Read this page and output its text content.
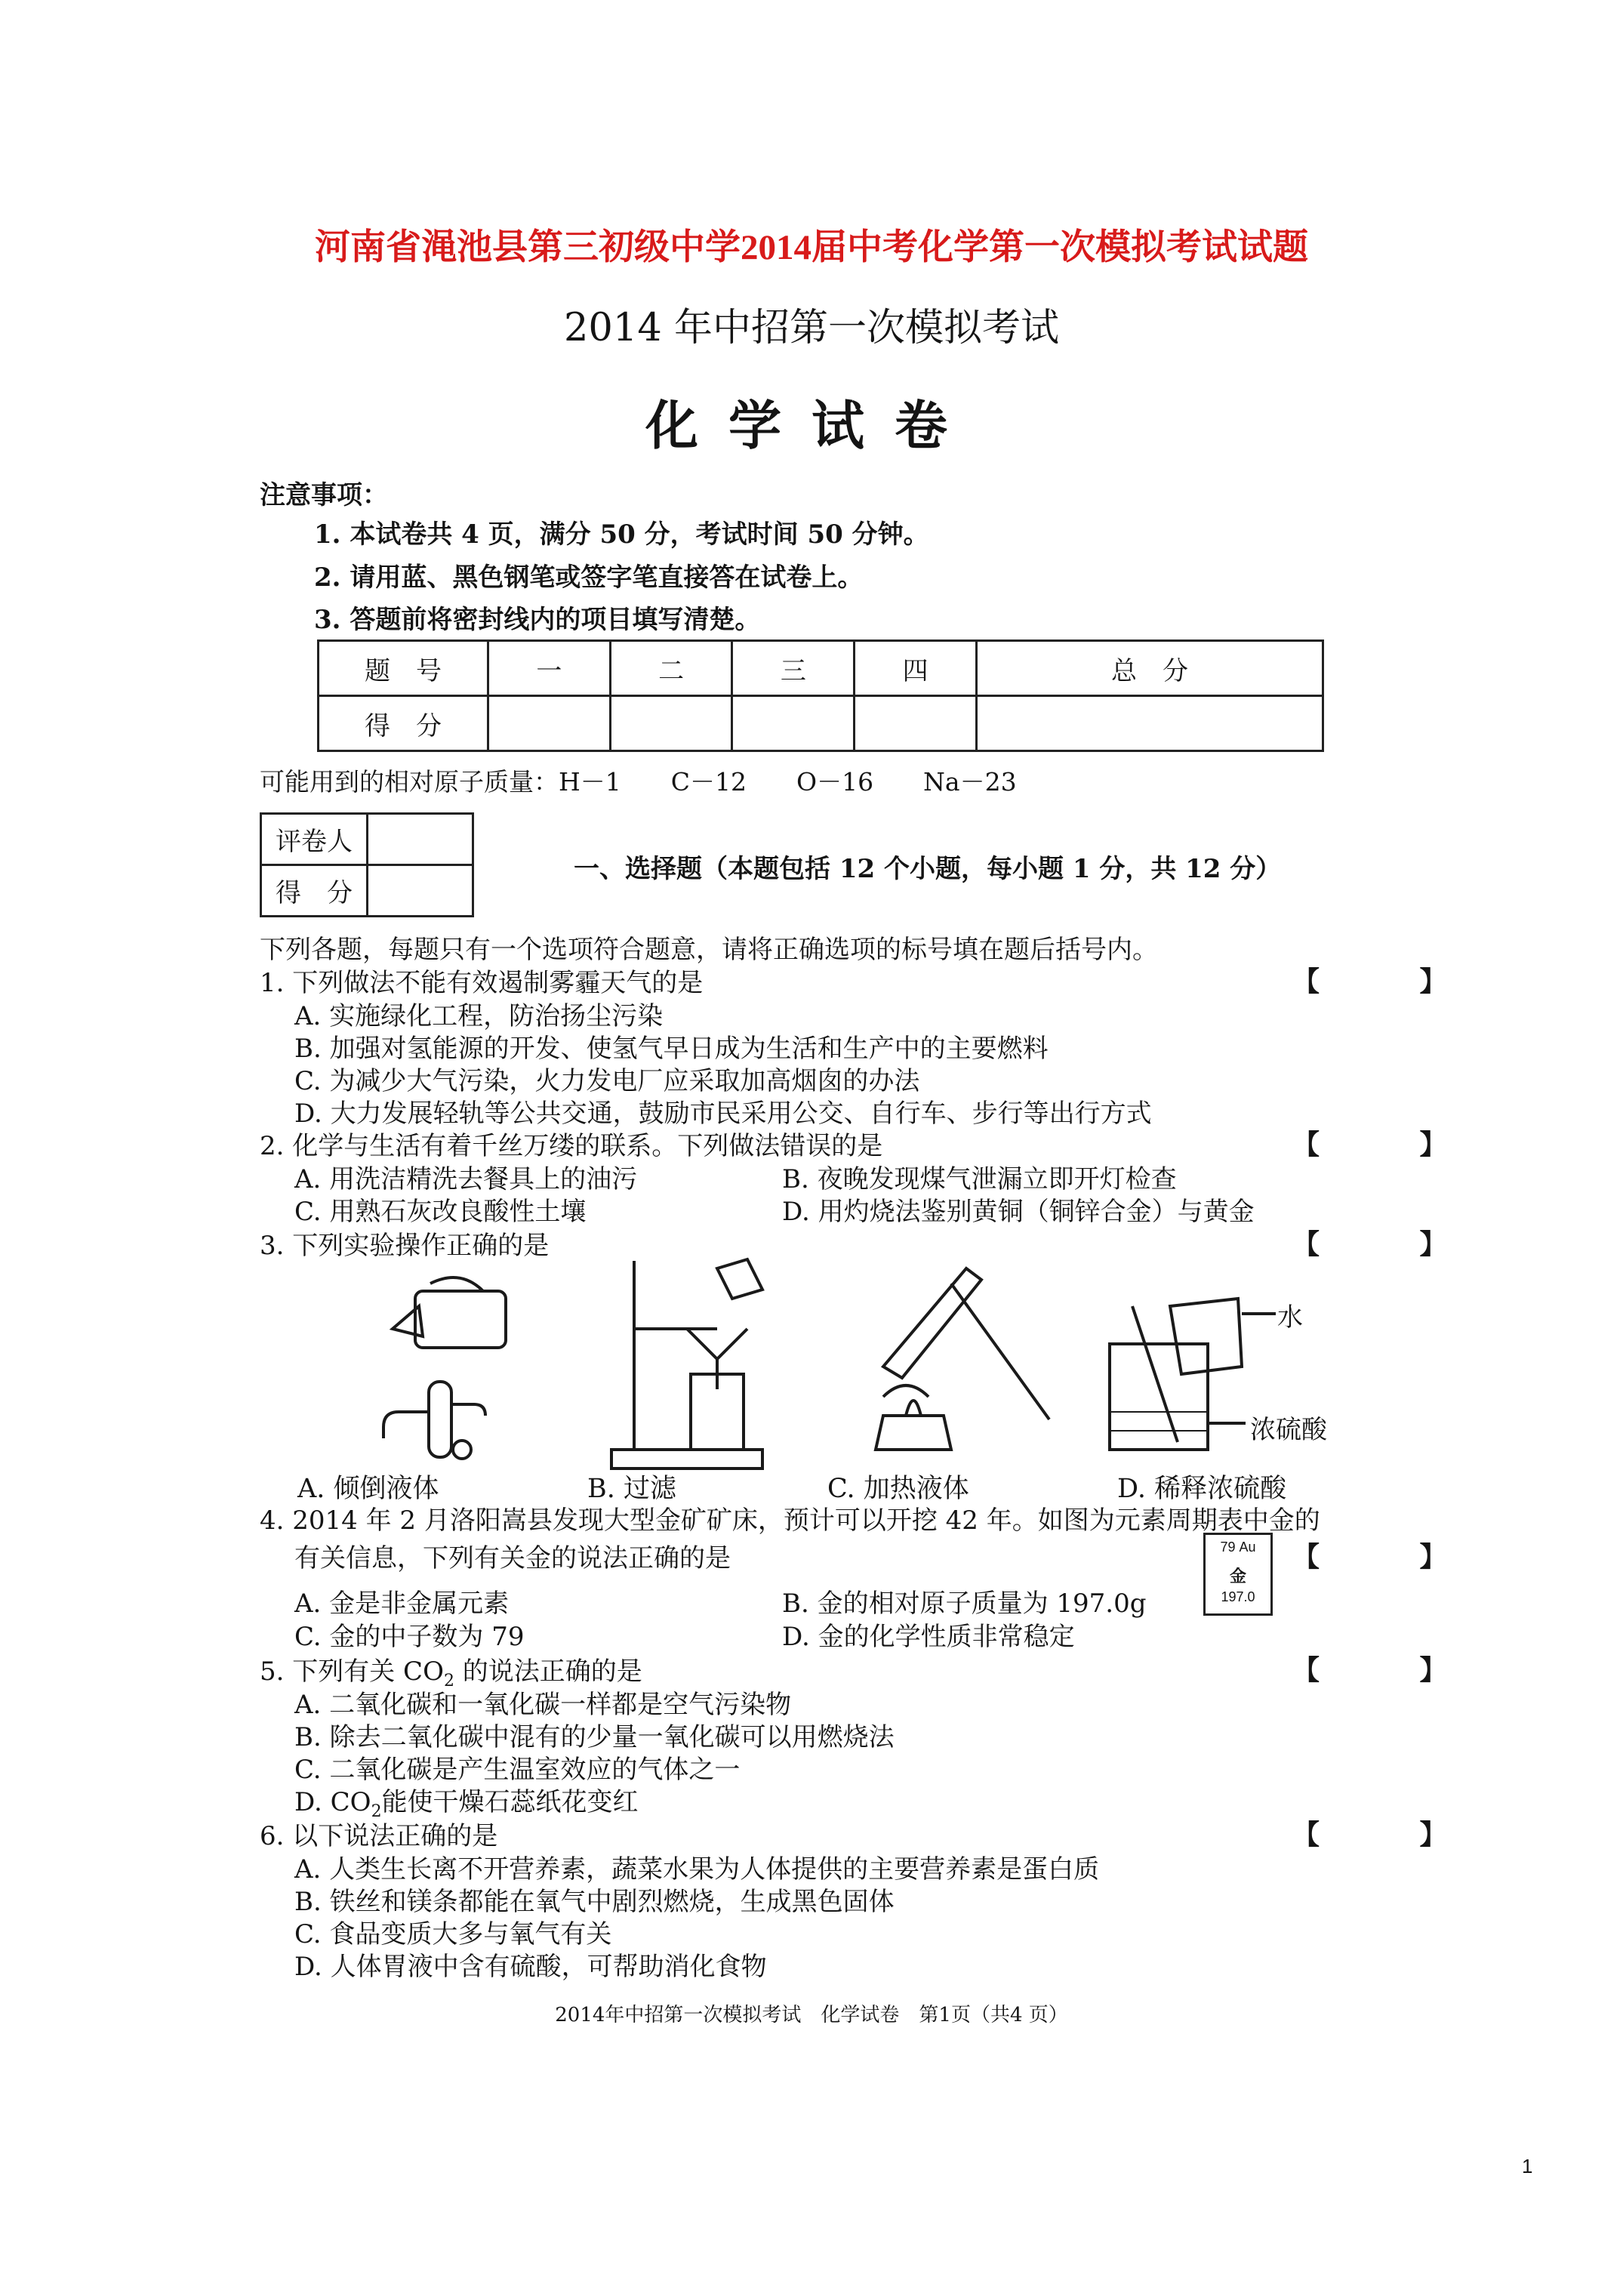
河南省渑池县第三初级中学2014届中考化学第一次模拟考试试题
2014 年中招第一次模拟考试
化学试卷
注意事项：
1. 本试卷共 4 页，满分 50 分，考试时间 50 分钟。
2. 请用蓝、黑色钢笔或签字笔直接答在试卷上。
3. 答题前将密封线内的项目填写清楚。
题　号	一	二	三	四	总　分
得　分					
可能用到的相对原子质量：H－1　　C－12　　O－16　　Na－23
评卷人	
得　分	
一、选择题（本题包括 12 个小题，每小题 1 分，共 12 分）
下列各题，每题只有一个选项符合题意，请将正确选项的标号填在题后括号内。
1. 下列做法不能有效遏制雾霾天气的是	【 】
A. 实施绿化工程，防治扬尘污染
B. 加强对氢能源的开发、使氢气早日成为生活和生产中的主要燃料
C. 为减少大气污染，火力发电厂应采取加高烟囱的办法
D. 大力发展轻轨等公共交通，鼓励市民采用公交、自行车、步行等出行方式
2. 化学与生活有着千丝万缕的联系。下列做法错误的是	【 】
A. 用洗洁精洗去餐具上的油污	B. 夜晚发现煤气泄漏立即开灯检查
C. 用熟石灰改良酸性土壤	D. 用灼烧法鉴别黄铜（铜锌合金）与黄金
3. 下列实验操作正确的是	【 】
水
浓硫酸
A. 倾倒液体	B. 过滤	C. 加热液体	D. 稀释浓硫酸
4. 2014 年 2 月洛阳嵩县发现大型金矿矿床，预计可以开挖 42 年。如图为元素周期表中金的
有关信息，下列有关金的说法正确的是	79 Au
金
197.0
【 】
A. 金是非金属元素	B. 金的相对原子质量为 197.0g
C. 金的中子数为 79	D. 金的化学性质非常稳定
5. 下列有关 $CO_2$ 的说法正确的是	【 】
A. 二氧化碳和一氧化碳一样都是空气污染物
B. 除去二氧化碳中混有的少量一氧化碳可以用燃烧法
C. 二氧化碳是产生温室效应的气体之一
D. $CO_2$能使干燥石蕊纸花变红
6. 以下说法正确的是	【 】
A. 人类生长离不开营养素，蔬菜水果为人体提供的主要营养素是蛋白质
B. 铁丝和镁条都能在氧气中剧烈燃烧，生成黑色固体
C. 食品变质大多与氧气有关
D. 人体胃液中含有硫酸，可帮助消化食物
2014年中招第一次模拟考试　化学试卷　第1页（共4 页）
1
